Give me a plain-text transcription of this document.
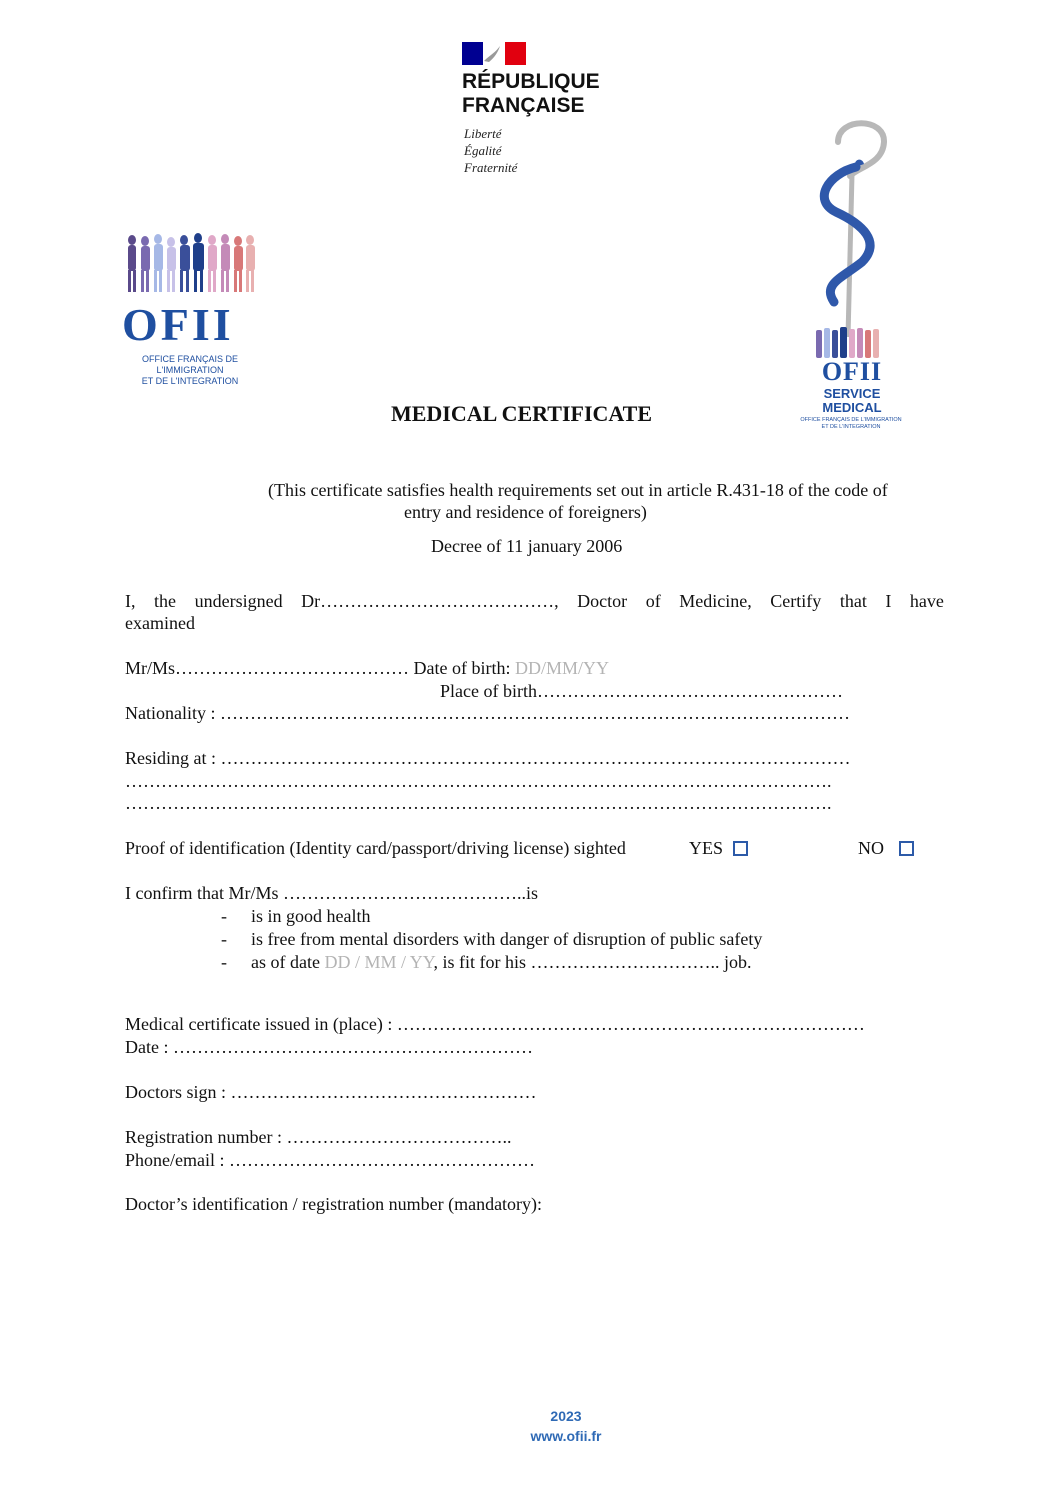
RÉPUBLIQUE
FRANÇAISE
Liberté
Égalité
Fraternité
OFII
OFFICE FRANÇAIS DE L'IMMIGRATION
ET DE L'INTEGRATION	OFII
SERVICE
MEDICAL
OFFICE FRANÇAIS DE L'IMMIGRATION
ET DE L'INTEGRATION
MEDICAL CERTIFICATE
(This certificate satisfies health requirements set out in article R.431-18 of the code of
entry and residence of foreigners)
Decree of 11 january 2006
I, the undersigned Dr…………………………………, Doctor of Medicine, Certify that I have
examined
Mr/Ms………………………………… Date of birth: DD/MM/YY
Place of birth……………………………………………
Nationality : ……………………………………………………………………………………………
Residing at : ……………………………………………………………………………………………
……………………………………………………………………………………………………….
……………………………………………………………………………………………………….
Proof of identification (Identity card/passport/driving license) sighted	YES	NO
I confirm that Mr/Ms …………………………………..is
- is in good health
- is free from mental disorders with danger of disruption of public safety
- as of date DD / MM / YY, is fit for his ………………………….. job.
Medical certificate issued in (place) : ……………………………………………………………………
Date : ……………………………………………………
Doctors sign : ……………………………………………
Registration number : ………………………………..
Phone/email : ……………………………………………
Doctor’s identification / registration number (mandatory):
2023
www.ofii.fr
